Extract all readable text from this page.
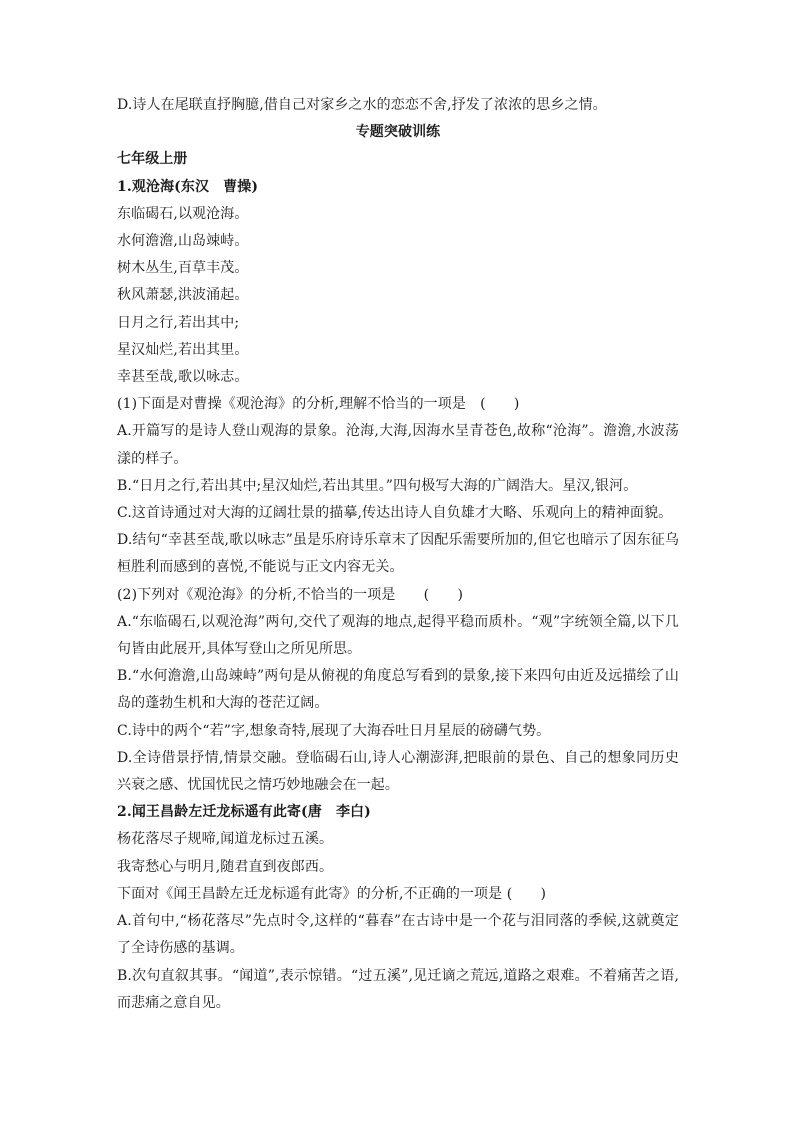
D.诗人在尾联直抒胸臆,借自己对家乡之水的恋恋不舍,抒发了浓浓的思乡之情。

专题突破训练

七年级上册

1.观沧海(东汉　曹操)

东临碣石,以观沧海。

水何澹澹,山岛竦峙。

树木丛生,百草丰茂。

秋风萧瑟,洪波涌起。

日月之行,若出其中;

星汉灿烂,若出其里。

幸甚至哉,歌以咏志。

(1)下面是对曹操《观沧海》的分析,理解不恰当的一项是　(　　)

A.开篇写的是诗人登山观海的景象。沧海,大海,因海水呈青苍色,故称“沧海”。澹澹,水波荡漾的样子。

B.“日月之行,若出其中;星汉灿烂,若出其里。”四句极写大海的广阔浩大。星汉,银河。

C.这首诗通过对大海的辽阔壮景的描摹,传达出诗人自负雄才大略、乐观向上的精神面貌。

D.结句“幸甚至哉,歌以咏志”虽是乐府诗乐章末了因配乐需要所加的,但它也暗示了因东征乌桓胜利而感到的喜悦,不能说与正文内容无关。

(2)下列对《观沧海》的分析,不恰当的一项是　　(　　)

A.“东临碣石,以观沧海”两句,交代了观海的地点,起得平稳而质朴。“观”字统领全篇,以下几句皆由此展开,具体写登山之所见所思。

B.“水何澹澹,山岛竦峙”两句是从俯视的角度总写看到的景象,接下来四句由近及远描绘了山岛的蓬勃生机和大海的苍茫辽阔。

C.诗中的两个“若”字,想象奇特,展现了大海吞吐日月星辰的磅礴气势。

D.全诗借景抒情,情景交融。登临碣石山,诗人心潮澎湃,把眼前的景色、自己的想象同历史兴衰之感、忧国忧民之情巧妙地融会在一起。

2.闻王昌龄左迁龙标遥有此寄(唐　李白)

杨花落尽子规啼,闻道龙标过五溪。

我寄愁心与明月,随君直到夜郎西。

下面对《闻王昌龄左迁龙标遥有此寄》的分析,不正确的一项是 (　　)

A.首句中,“杨花落尽”先点时令,这样的“暮春”在古诗中是一个花与泪同落的季候,这就奠定了全诗伤感的基调。

B.次句直叙其事。“闻道”,表示惊错。“过五溪”,见迁谪之荒远,道路之艰难。不着痛苦之语,而悲痛之意自见。
